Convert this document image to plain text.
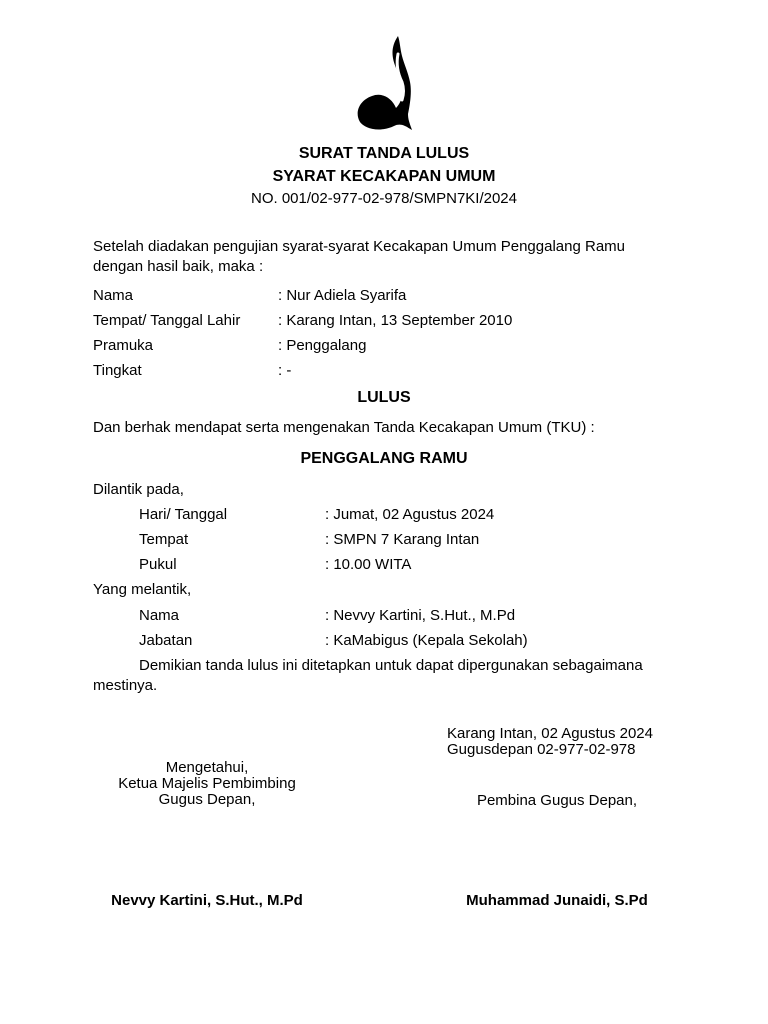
SURAT TANDA LULUS
SYARAT KECAKAPAN UMUM
NO. 001/02-977-02-978/SMPN7KI/2024
Setelah diadakan pengujian syarat-syarat Kecakapan Umum Penggalang Ramu
dengan hasil baik, maka :
Nama	: Nur Adiela Syarifa
Tempat/ Tanggal Lahir	: Karang Intan, 13 September 2010
Pramuka	: Penggalang
Tingkat	: -
LULUS
Dan berhak mendapat serta mengenakan Tanda Kecakapan Umum (TKU) :
PENGGALANG RAMU
Dilantik pada,
Hari/ Tanggal	: Jumat, 02 Agustus 2024
Tempat	: SMPN 7 Karang Intan
Pukul	: 10.00 WITA
Yang melantik,
Nama	: Nevvy Kartini, S.Hut., M.Pd
Jabatan	: KaMabigus (Kepala Sekolah)
Demikian tanda lulus ini ditetapkan untuk dapat dipergunakan sebagaimana
mestinya.
Karang Intan, 02 Agustus 2024
Gugusdepan 02-977-02-978
Mengetahui,
Ketua Majelis Pembimbing
Gugus Depan,
Nevvy Kartini, S.Hut., M.Pd
Pembina Gugus Depan,
Muhammad Junaidi, S.Pd
